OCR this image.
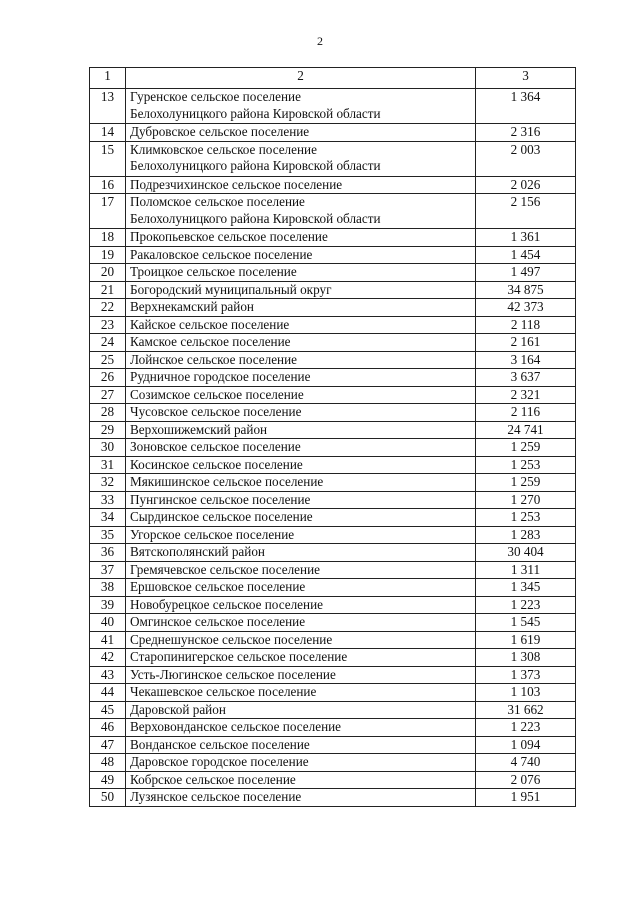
2
1	2	3
13	Гуренское сельское поселение
Белохолуницкого района Кировской области	1 364
14	Дубровское сельское поселение	2 316
15	Климковское сельское поселение
Белохолуницкого района Кировской области	2 003
16	Подрезчихинское сельское поселение	2 026
17	Поломское сельское поселение
Белохолуницкого района Кировской области	2 156
18	Прокопьевское сельское поселение	1 361
19	Ракаловское сельское поселение	1 454
20	Троицкое сельское поселение	1 497
21	Богородский муниципальный округ	34 875
22	Верхнекамский район	42 373
23	Кайское сельское поселение	2 118
24	Камское сельское поселение	2 161
25	Лойнское сельское поселение	3 164
26	Рудничное городское поселение	3 637
27	Созимское сельское поселение	2 321
28	Чусовское сельское поселение	2 116
29	Верхошижемский район	24 741
30	Зоновское сельское поселение	1 259
31	Косинское сельское поселение	1 253
32	Мякишинское сельское поселение	1 259
33	Пунгинское сельское поселение	1 270
34	Сырдинское сельское поселение	1 253
35	Угорское сельское поселение	1 283
36	Вятскополянский район	30 404
37	Гремячевское сельское поселение	1 311
38	Ершовское сельское поселение	1 345
39	Новобурецкое сельское поселение	1 223
40	Омгинское сельское поселение	1 545
41	Среднешунское сельское поселение	1 619
42	Старопинигерское сельское поселение	1 308
43	Усть-Люгинское сельское поселение	1 373
44	Чекашевское сельское поселение	1 103
45	Даровской район	31 662
46	Верховонданское сельское поселение	1 223
47	Вонданское сельское поселение	1 094
48	Даровское городское поселение	4 740
49	Кобрское сельское поселение	2 076
50	Лузянское сельское поселение	1 951
